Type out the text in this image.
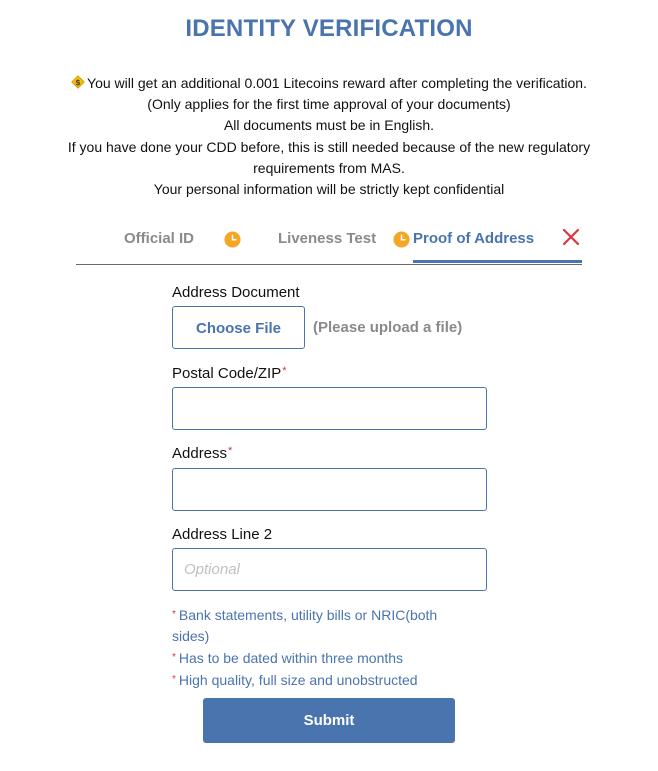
IDENTITY VERIFICATION
$ You will get an additional 0.001 Litecoins reward after completing the verification.
(Only applies for the first time approval of your documents)
All documents must be in English.
If you have done your CDD before, this is still needed because of the new regulatory requirements from MAS.
Your personal information will be strictly kept confidential
Official ID	Liveness Test Proof of Address
Address Document
Choose File	(Please upload a file)
Postal Code/ZIP*
Address*
Address Line 2
Optional
* Bank statements, utility bills or NRIC(both sides)
* Has to be dated within three months
* High quality, full size and unobstructed
Submit
